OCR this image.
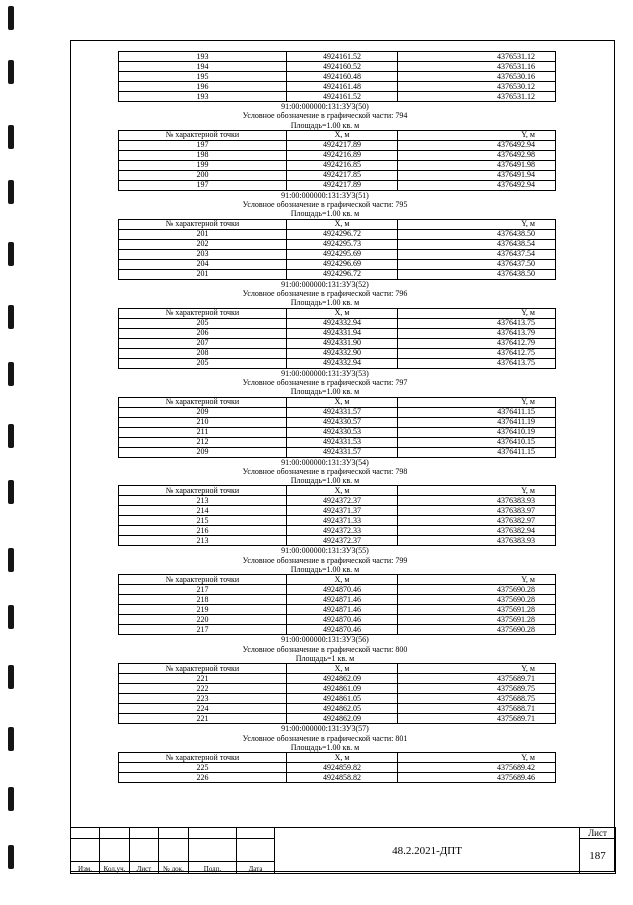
193	4924161.52	4376531.12
194	4924160.52	4376531.16
195	4924160.48	4376530.16
196	4924161.48	4376530.12
193	4924161.52	4376531.12
91:00:000000:131:ЗУ3(50)
Условное обозначение в графической части: 794
Площадь=1.00 кв. м
№ характерной точки	X, м	Y, м
197	4924217.89	4376492.94
198	4924216.89	4376492.98
199	4924216.85	4376491.98
200	4924217.85	4376491.94
197	4924217.89	4376492.94
91:00:000000:131:ЗУ3(51)
Условное обозначение в графической части: 795
Площадь=1.00 кв. м
№ характерной точки	X, м	Y, м
201	4924296.72	4376438.50
202	4924295.73	4376438.54
203	4924295.69	4376437.54
204	4924296.69	4376437.50
201	4924296.72	4376438.50
91:00:000000:131:ЗУ3(52)
Условное обозначение в графической части: 796
Площадь=1.00 кв. м
№ характерной точки	X, м	Y, м
205	4924332.94	4376413.75
206	4924331.94	4376413.79
207	4924331.90	4376412.79
208	4924332.90	4376412.75
205	4924332.94	4376413.75
91:00:000000:131:ЗУ3(53)
Условное обозначение в графической части: 797
Площадь=1.00 кв. м
№ характерной точки	X, м	Y, м
209	4924331.57	4376411.15
210	4924330.57	4376411.19
211	4924330.53	4376410.19
212	4924331.53	4376410.15
209	4924331.57	4376411.15
91:00:000000:131:ЗУ3(54)
Условное обозначение в графической части: 798
Площадь=1.00 кв. м
№ характерной точки	X, м	Y, м
213	4924372.37	4376383.93
214	4924371.37	4376383.97
215	4924371.33	4376382.97
216	4924372.33	4376382.94
213	4924372.37	4376383.93
91:00:000000:131:ЗУ3(55)
Условное обозначение в графической части: 799
Площадь=1.00 кв. м
№ характерной точки	X, м	Y, м
217	4924870.46	4375690.28
218	4924871.46	4375690.28
219	4924871.46	4375691.28
220	4924870.46	4375691.28
217	4924870.46	4375690.28
91:00:000000:131:ЗУ3(56)
Условное обозначение в графической части: 800
Площадь=1 кв. м
№ характерной точки	X, м	Y, м
221	4924862.09	4375689.71
222	4924861.09	4375689.75
223	4924861.05	4375688.75
224	4924862.05	4375688.71
221	4924862.09	4375689.71
91:00:000000:131:ЗУ3(57)
Условное обозначение в графической части: 801
Площадь=1.00 кв. м
№ характерной точки	X, м	Y, м
225	4924859.82	4375689.42
226	4924858.82	4375689.46
						48.2.2021-ДПТ	Лист
							187
Изм.	Кол.уч.	Лист	№ док.	Подп.	Дата		
